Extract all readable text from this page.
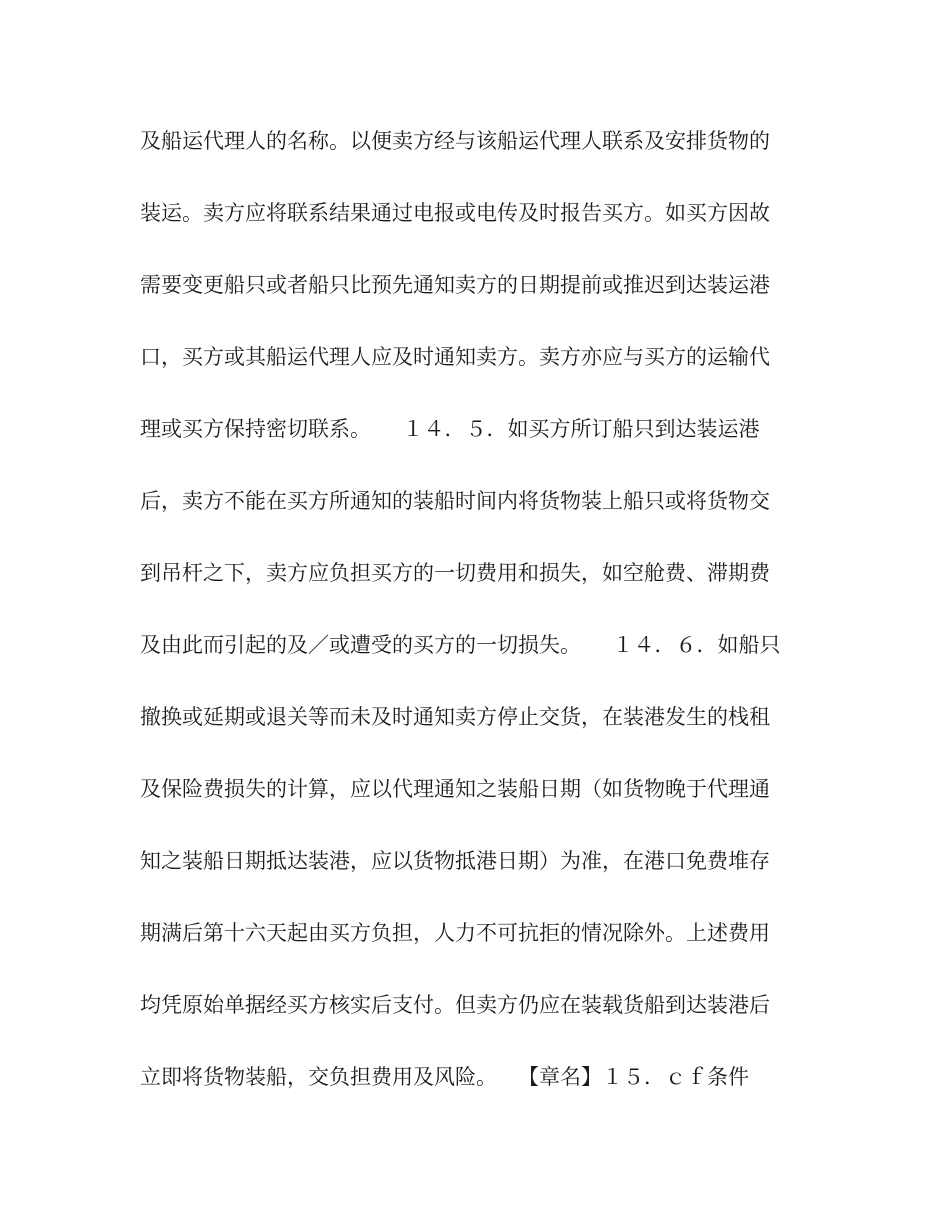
及船运代理人的名称。以便卖方经与该船运代理人联系及安排货物的
装运。卖方应将联系结果通过电报或电传及时报告买方。如买方因故
需要变更船只或者船只比预先通知卖方的日期提前或推迟到达装运港
口，买方或其船运代理人应及时通知卖方。卖方亦应与买方的运输代
理或买方保持密切联系。　　１４．５．如买方所订船只到达装运港
后，卖方不能在买方所通知的装船时间内将货物装上船只或将货物交
到吊杆之下，卖方应负担买方的一切费用和损失，如空舱费、滞期费
及由此而引起的及／或遭受的买方的一切损失。　　１４．６．如船只
撤换或延期或退关等而未及时通知卖方停止交货，在装港发生的栈租
及保险费损失的计算，应以代理通知之装船日期（如货物晚于代理通
知之装船日期抵达装港，应以货物抵港日期）为准，在港口免费堆存
期满后第十六天起由买方负担，人力不可抗拒的情况除外。上述费用
均凭原始单据经买方核实后支付。但卖方仍应在装载货船到达装港后
立即将货物装船，交负担费用及风险。　　【章名】１５．ｃｆ条件
